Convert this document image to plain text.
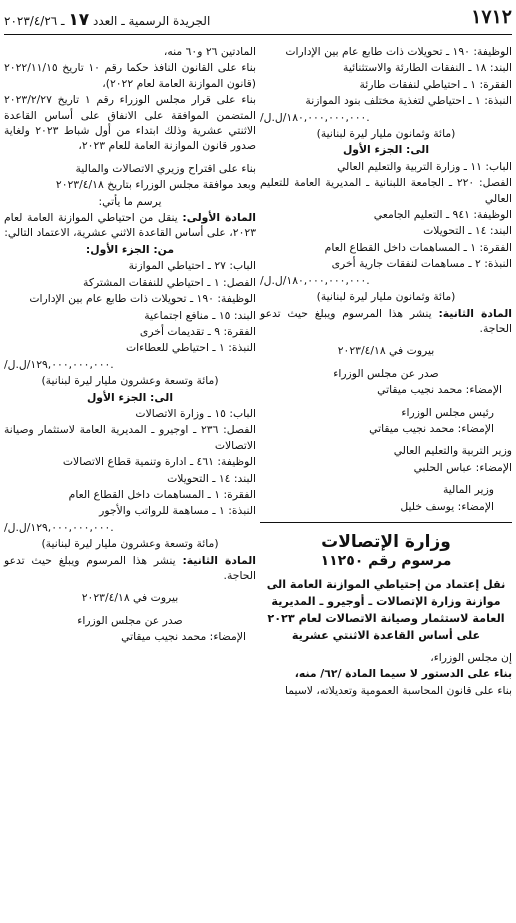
١٧١٢
الجريدة الرسمية ـ العدد ١٧ ـ ٢٠٢٣/٤/٢٦

الوظيفة: ١٩٠ ـ تحويلات ذات طابع عام بين الإدارات

البند: ١٨ ـ النفقات الطارئة والاستثنائية

الفقرة: ١ ـ احتياطي لنفقات طارئة

النبذة: ١ ـ احتياطي لتغذية مختلف بنود الموازنة

/١٨٠,٠٠٠,٠٠٠,٠٠٠/ل.ل.

(مائة وثمانون مليار ليرة لبنانية)

الى: الجزء الأول

الباب: ١١ ـ وزارة التربية والتعليم العالي

الفصل: ٢٢٠ ـ الجامعة اللبنانية ـ المديرية العامة للتعليم العالي

الوظيفة: ٩٤١ ـ التعليم الجامعي

البند: ١٤ ـ التحويلات

الفقرة: ١ ـ المساهمات داخل القطاع العام

النبذة: ٢ ـ مساهمات لنفقات جارية أخرى

/١٨٠,٠٠٠,٠٠٠,٠٠٠/ل.ل.

(مائة وثمانون مليار ليرة لبنانية)

المادة الثانية: ينشر هذا المرسوم ويبلغ حيث تدعو الحاجة.

بيروت في ٢٠٢٣/٤/١٨

صدر عن مجلس الوزراء

الإمضاء: محمد نجيب ميقاتي

رئيس مجلس الوزراء

الإمضاء: محمد نجيب ميقاتي

وزير التربية والتعليم العالي

الإمضاء: عباس الحلبي

وزير المالية

الإمضاء: يوسف خليل

وزارة الإتصالات
مرسوم رقم ١١٢٥٠
نقل إعتماد من إحتياطي الموازنة العامة الى موازنة وزارة الإتصالات ـ أوجيرو ـ المديرية العامة لاستثمار وصيانة الاتصالات لعام ٢٠٢٣ على أساس القاعدة الاثنتي عشرية

إن مجلس الوزراء،

بناء على الدستور لا سيما المادة /٦٢/ منه،

بناء على قانون المحاسبة العمومية وتعديلاته، لاسيما

المادتين ٢٦ و٦٠ منه،

بناء على القانون النافذ حكما رقم ١٠ تاريخ ٢٠٢٢/١١/١٥ (قانون الموازنة العامة لعام ٢٠٢٢)،

بناء على قرار مجلس الوزراء رقم ١ تاريخ ٢٠٢٣/٢/٢٧ المتضمن الموافقة على الانفاق على أساس القاعدة الاثنتي عشرية وذلك ابتداء من أول شباط ٢٠٢٣ ولغاية صدور قانون الموازنة العامة للعام ٢٠٢٣،

بناء على اقتراح وزيري الاتصالات والمالية

وبعد موافقة مجلس الوزراء بتاريخ ٢٠٢٣/٤/١٨

يرسم ما يأتي:

المادة الأولى: ينقل من احتياطي الموازنة العامة لعام ٢٠٢٣، على أساس القاعدة الاثني عشرية، الاعتماد التالي:

من: الجزء الأول:

الباب: ٢٧ ـ احتياطي الموازنة

الفصل: ١ ـ احتياطي للنفقات المشتركة

الوظيفة: ١٩٠ ـ تحويلات ذات طابع عام بين الإدارات

البند: ١٥ ـ منافع اجتماعية

الفقرة: ٩ ـ تقديمات أخرى

النبذة: ١ ـ احتياطي للعطاءات

/١٢٩,٠٠٠,٠٠٠,٠٠٠/ل.ل.

(مائة وتسعة وعشرون مليار ليرة لبنانية)

الى: الجزء الأول

الباب: ١٥ ـ وزارة الاتصالات

الفصل: ٢٣٦ ـ اوجيرو ـ المديرية العامة لاستثمار وصيانة الاتصالات

الوظيفة: ٤٦١ ـ ادارة وتنمية قطاع الاتصالات

البند: ١٤ ـ التحويلات

الفقرة: ١ ـ المساهمات داخل القطاع العام

النبذة: ١ ـ مساهمة للرواتب والأجور

/١٢٩,٠٠٠,٠٠٠,٠٠٠/ل.ل.

(مائة وتسعة وعشرون مليار ليرة لبنانية)

المادة الثانية: ينشر هذا المرسوم ويبلغ حيث تدعو الحاجة.

بيروت في ٢٠٢٣/٤/١٨

صدر عن مجلس الوزراء

الإمضاء: محمد نجيب ميقاتي
